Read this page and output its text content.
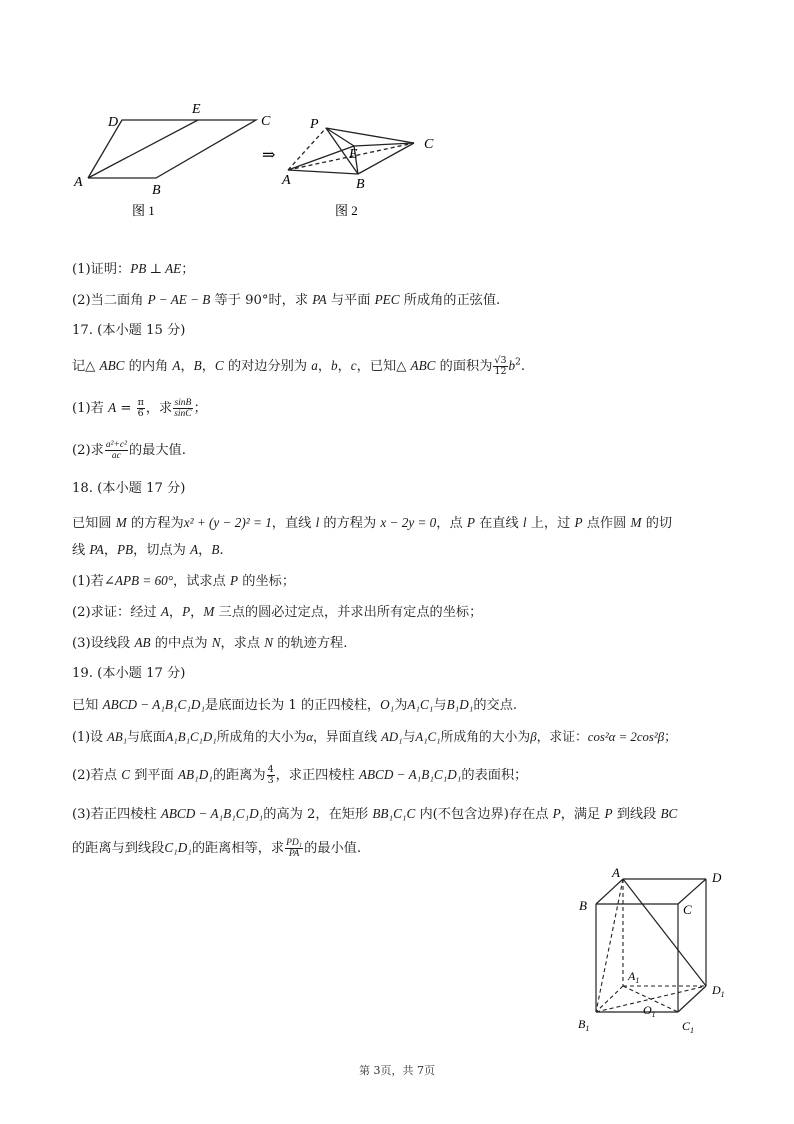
D
E
C
A
B
图 1
⇒
P
E
C
A	B
图 2
(1)证明：PB ⊥ AE；
(2)当二面角 P − AE − B 等于 90°时，求 PA 与平面 PEC 所成角的正弦值.
17. (本小题 15 分)
记△ ABC 的内角 A，B，C 的对边分别为 a，b，c，已知△ ABC 的面积为 $\frac{√3}{12} b^2$.
(1)若 $A = \frac{\pi}{6}$ ，求 $\frac{\sin B}{\sin C}$ ；
(2)求 $\frac{\text{a²+c²}}{ac}$ 的最大值.
18. (本小题 17 分)
已知圆 M 的方程为x² + (y − 2)² = 1，直线 l 的方程为 x − 2y = 0，点 P 在直线 l 上，过 P 点作圆 M 的切
线 PA，PB，切点为 A，B.
(1)若∠APB = 60°，试求点 P 的坐标；
(2)求证：经过 A，P，M 三点的圆必过定点，并求出所有定点的坐标；
(3)设线段 AB 的中点为 N，求点 N 的轨迹方程.
19. (本小题 17 分)
已知 ABCD − A₁B₁C₁D₁是底面边长为 1 的正四棱柱，O₁为A₁C₁与B₁D₁的交点.
(1)设 AB₁与底面A₁B₁C₁D₁所成角的大小为α，异面直线 AD₁与A₁C₁所成角的大小为β，求证：cos²α = 2cos²β；
(2)若点 C 到平面 AB₁D₁的距离为 $\frac{4}{3}$ ，求正四棱柱 ABCD − A₁B₁C₁D₁的表面积；
(3)若正四棱柱 ABCD − A₁B₁C₁D₁的高为 2，在矩形 BB₁C₁C 内(不包含边界)存在点 P，满足 P 到线段 BC
的距离与到线段C₁D₁的距离相等，求 $\frac{\text{PD₁}}{PA}$ 的最小值.
A	D
B	C
$A_1$
$D_1$
$O_1$
$B_1$	$C_1$
第 3页，共 7页
